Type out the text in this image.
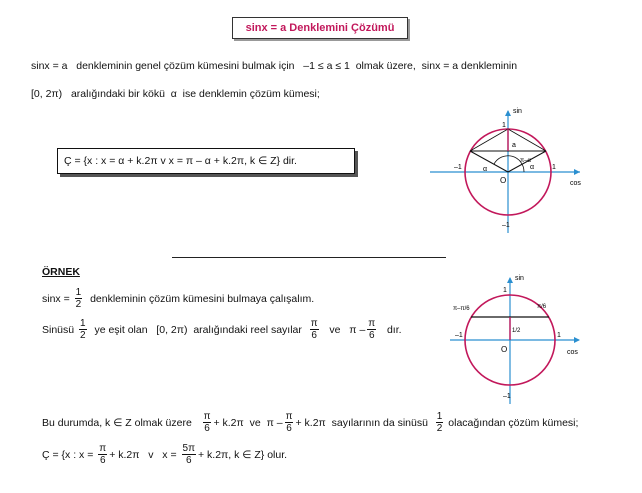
sinx = a Denklemini Çözümü
sinx = a denkleminin genel çözüm kümesini bulmak için –1 ≤ a ≤ 1 olmak üzere, sinx = a denkleminin
[0, 2π) aralığındaki bir kökü α ise denklemin çözüm kümesi;
Ç = {x : x = α + k.2π v x = π – α + k.2π, k ∈ Z} dir.
ÖRNEK
sinx =
$\frac{1}{2}$
denkleminin çözüm kümesini bulmaya çalışalım.
Sinüsü
$\frac{1}{2}$
ye eşit olan
[0, 2π)
aralığındaki reel sayılar
$\frac{\pi}{6}$
ve
π – $\frac{\pi}{6}$
dır.
Bu durumda, k ∈ Z olmak üzere
$\frac{\pi}{6} + k.2\pi$
ve
$\pi - \frac{\pi}{6} + k.2\pi$
sayılarının da sinüsü
$\frac{1}{2}$
olacağından çözüm kümesi;
Ç = {x : x =
$\frac{\pi}{6} + k.2\pi$
v
x =
$\frac{5\pi}{6} + k.2\pi$, k ∈ Z} olur.
sin
cos
1
–1
–1	1
O
a
α	α
π–α
sin
cos
1
–1
–1	1
O
1/2
π/6
π–π/6
